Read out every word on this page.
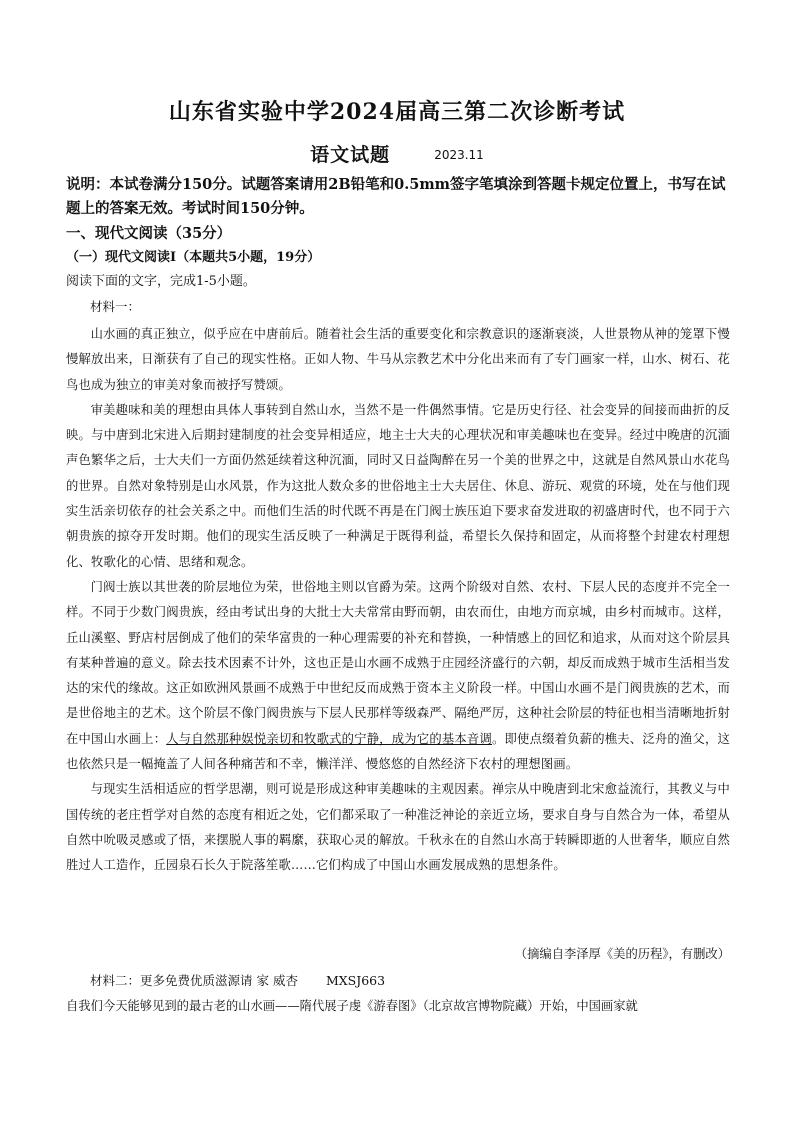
山东省实验中学2024届高三第二次诊断考试
语文试题	2023.11
说明：本试卷满分150分。试题答案请用2B铅笔和0.5mm签字笔填涂到答题卡规定位置上，书写在试题上的答案无效。考试时间150分钟。
一、现代文阅读（35分）
（一）现代文阅读Ⅰ（本题共5小题，19分）
阅读下面的文字，完成1-5小题。
材料一：

山水画的真正独立，似乎应在中唐前后。随着社会生活的重要变化和宗教意识的逐渐衰淡，人世景物从神的笼罩下慢慢解放出来，日渐获有了自己的现实性格。正如人物、牛马从宗教艺术中分化出来而有了专门画家一样，山水、树石、花鸟也成为独立的审美对象而被抒写赞颂。

审美趣味和美的理想由具体人事转到自然山水，当然不是一件偶然事情。它是历史行径、社会变异的间接而曲折的反映。与中唐到北宋进入后期封建制度的社会变异相适应，地主士大夫的心理状况和审美趣味也在变异。经过中晚唐的沉湎声色繁华之后，士大夫们一方面仍然延续着这种沉湎，同时又日益陶醉在另一个美的世界之中，这就是自然风景山水花鸟的世界。自然对象特别是山水风景，作为这批人数众多的世俗地主士大夫居住、休息、游玩、观赏的环境，处在与他们现实生活亲切依存的社会关系之中。而他们生活的时代既不再是在门阀士族压迫下要求奋发进取的初盛唐时代，也不同于六朝贵族的掠夺开发时期。他们的现实生活反映了一种满足于既得利益，希望长久保持和固定，从而将整个封建农村理想化、牧歌化的心情、思绪和观念。

门阀士族以其世袭的阶层地位为荣，世俗地主则以官爵为荣。这两个阶级对自然、农村、下层人民的态度并不完全一样。不同于少数门阀贵族，经由考试出身的大批士大夫常常由野而朝，由农而仕，由地方而京城，由乡村而城市。这样，丘山溪壑、野店村居倒成了他们的荣华富贵的一种心理需要的补充和替换，一种情感上的回忆和追求，从而对这个阶层具有某种普遍的意义。除去技术因素不计外，这也正是山水画不成熟于庄园经济盛行的六朝，却反而成熟于城市生活相当发达的宋代的缘故。这正如欧洲风景画不成熟于中世纪反而成熟于资本主义阶段一样。中国山水画不是门阀贵族的艺术，而是世俗地主的艺术。这个阶层不像门阀贵族与下层人民那样等级森严、隔绝严厉，这种社会阶层的特征也相当清晰地折射在中国山水画上：人与自然那种娱悦亲切和牧歌式的宁静，成为它的基本音调。即使点缀着负薪的樵夫、泛舟的渔父，这也依然只是一幅掩盖了人间各种痛苦和不幸，懒洋洋、慢悠悠的自然经济下农村的理想图画。

与现实生活相适应的哲学思潮，则可说是形成这种审美趣味的主观因素。禅宗从中晚唐到北宋愈益流行，其教义与中国传统的老庄哲学对自然的态度有相近之处，它们都采取了一种准泛神论的亲近立场，要求自身与自然合为一体，希望从自然中吮吸灵感或了悟，来摆脱人事的羁縻，获取心灵的解放。千秋永在的自然山水高于转瞬即逝的人世奢华，顺应自然胜过人工造作，丘园泉石长久于院落笙歌……它们构成了中国山水画发展成熟的思想条件。

（摘编自李泽厚《美的历程》，有删改）
材料二：更多免费优质滋源请 家 威杏 MXSJ663
自我们今天能够见到的最古老的山水画——隋代展子虔《游春图》（北京故宫博物院藏）开始，中国画家就
